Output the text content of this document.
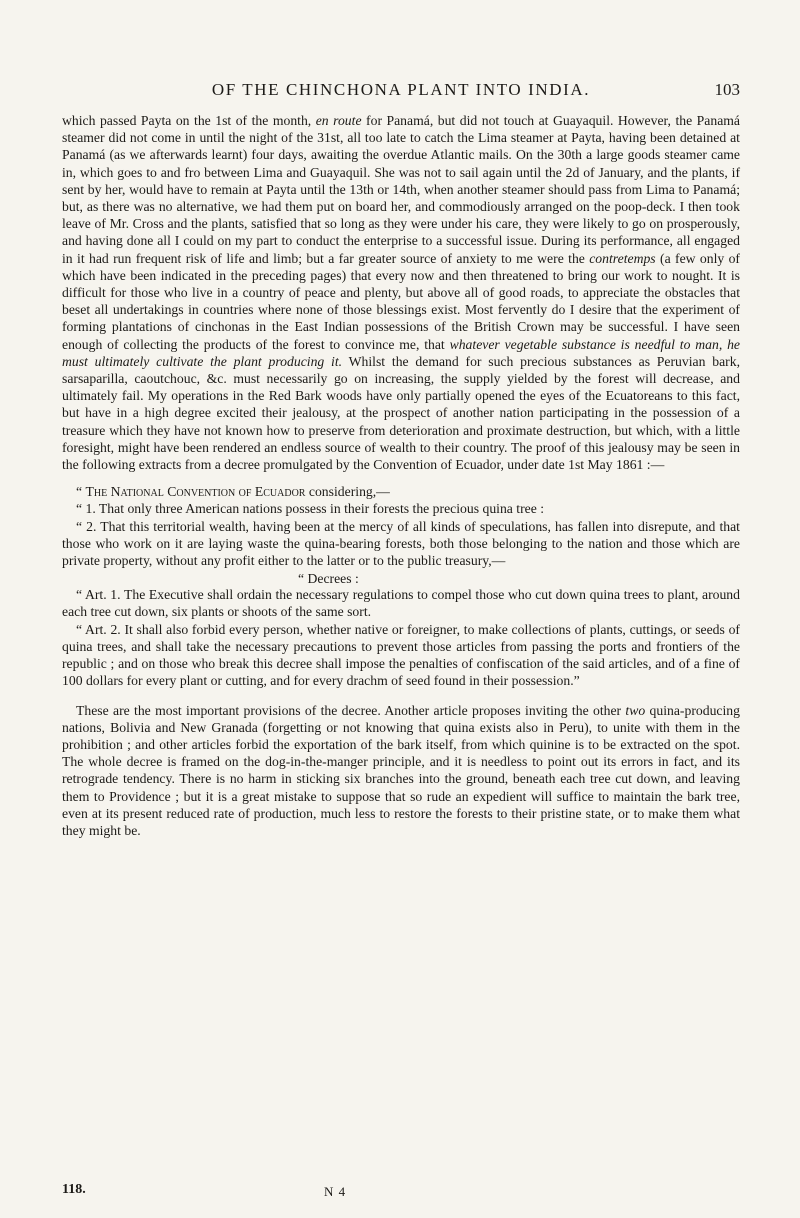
OF THE CHINCHONA PLANT INTO INDIA.	103

which passed Payta on the 1st of the month, en route for Panamá, but did not touch at Guayaquil. However, the Panamá steamer did not come in until the night of the 31st, all too late to catch the Lima steamer at Payta, having been detained at Panamá (as we afterwards learnt) four days, awaiting the overdue Atlantic mails. On the 30th a large goods steamer came in, which goes to and fro between Lima and Guayaquil. She was not to sail again until the 2d of January, and the plants, if sent by her, would have to remain at Payta until the 13th or 14th, when another steamer should pass from Lima to Panamá; but, as there was no alternative, we had them put on board her, and commodiously arranged on the poop-deck. I then took leave of Mr. Cross and the plants, satisfied that so long as they were under his care, they were likely to go on prosperously, and having done all I could on my part to conduct the enterprise to a successful issue. During its performance, all engaged in it had run frequent risk of life and limb; but a far greater source of anxiety to me were the contretemps (a few only of which have been indicated in the preceding pages) that every now and then threatened to bring our work to nought. It is difficult for those who live in a country of peace and plenty, but above all of good roads, to appreciate the obstacles that beset all undertakings in countries where none of those blessings exist. Most fervently do I desire that the experiment of forming plantations of cinchonas in the East Indian possessions of the British Crown may be successful. I have seen enough of collecting the products of the forest to convince me, that whatever vegetable substance is needful to man, he must ultimately cultivate the plant producing it. Whilst the demand for such precious substances as Peruvian bark, sarsaparilla, caoutchouc, &c. must necessarily go on increasing, the supply yielded by the forest will decrease, and ultimately fail. My operations in the Red Bark woods have only partially opened the eyes of the Ecuatoreans to this fact, but have in a high degree excited their jealousy, at the prospect of another nation participating in the possession of a treasure which they have not known how to preserve from deterioration and proximate destruction, but which, with a little foresight, might have been rendered an endless source of wealth to their country. The proof of this jealousy may be seen in the following extracts from a decree promulgated by the Convention of Ecuador, under date 1st May 1861 :—

“ The National Convention of Ecuador considering,—

“ 1. That only three American nations possess in their forests the precious quina tree :

“ 2. That this territorial wealth, having been at the mercy of all kinds of speculations, has fallen into disrepute, and that those who work on it are laying waste the quina-bearing forests, both those belonging to the nation and those which are private property, without any profit either to the latter or to the public treasury,—

“ Decrees :

“ Art. 1. The Executive shall ordain the necessary regulations to compel those who cut down quina trees to plant, around each tree cut down, six plants or shoots of the same sort.

“ Art. 2. It shall also forbid every person, whether native or foreigner, to make collections of plants, cuttings, or seeds of quina trees, and shall take the necessary precautions to prevent those articles from passing the ports and frontiers of the republic ; and on those who break this decree shall impose the penalties of confiscation of the said articles, and of a fine of 100 dollars for every plant or cutting, and for every drachm of seed found in their possession.”

These are the most important provisions of the decree. Another article proposes inviting the other two quina-producing nations, Bolivia and New Granada (forgetting or not knowing that quina exists also in Peru), to unite with them in the prohibition ; and other articles forbid the exportation of the bark itself, from which quinine is to be extracted on the spot. The whole decree is framed on the dog-in-the-manger principle, and it is needless to point out its errors in fact, and its retrograde tendency. There is no harm in sticking six branches into the ground, beneath each tree cut down, and leaving them to Providence ; but it is a great mistake to suppose that so rude an expedient will suffice to maintain the bark tree, even at its present reduced rate of production, much less to restore the forests to their pristine state, or to make them what they might be.

118.	N 4
